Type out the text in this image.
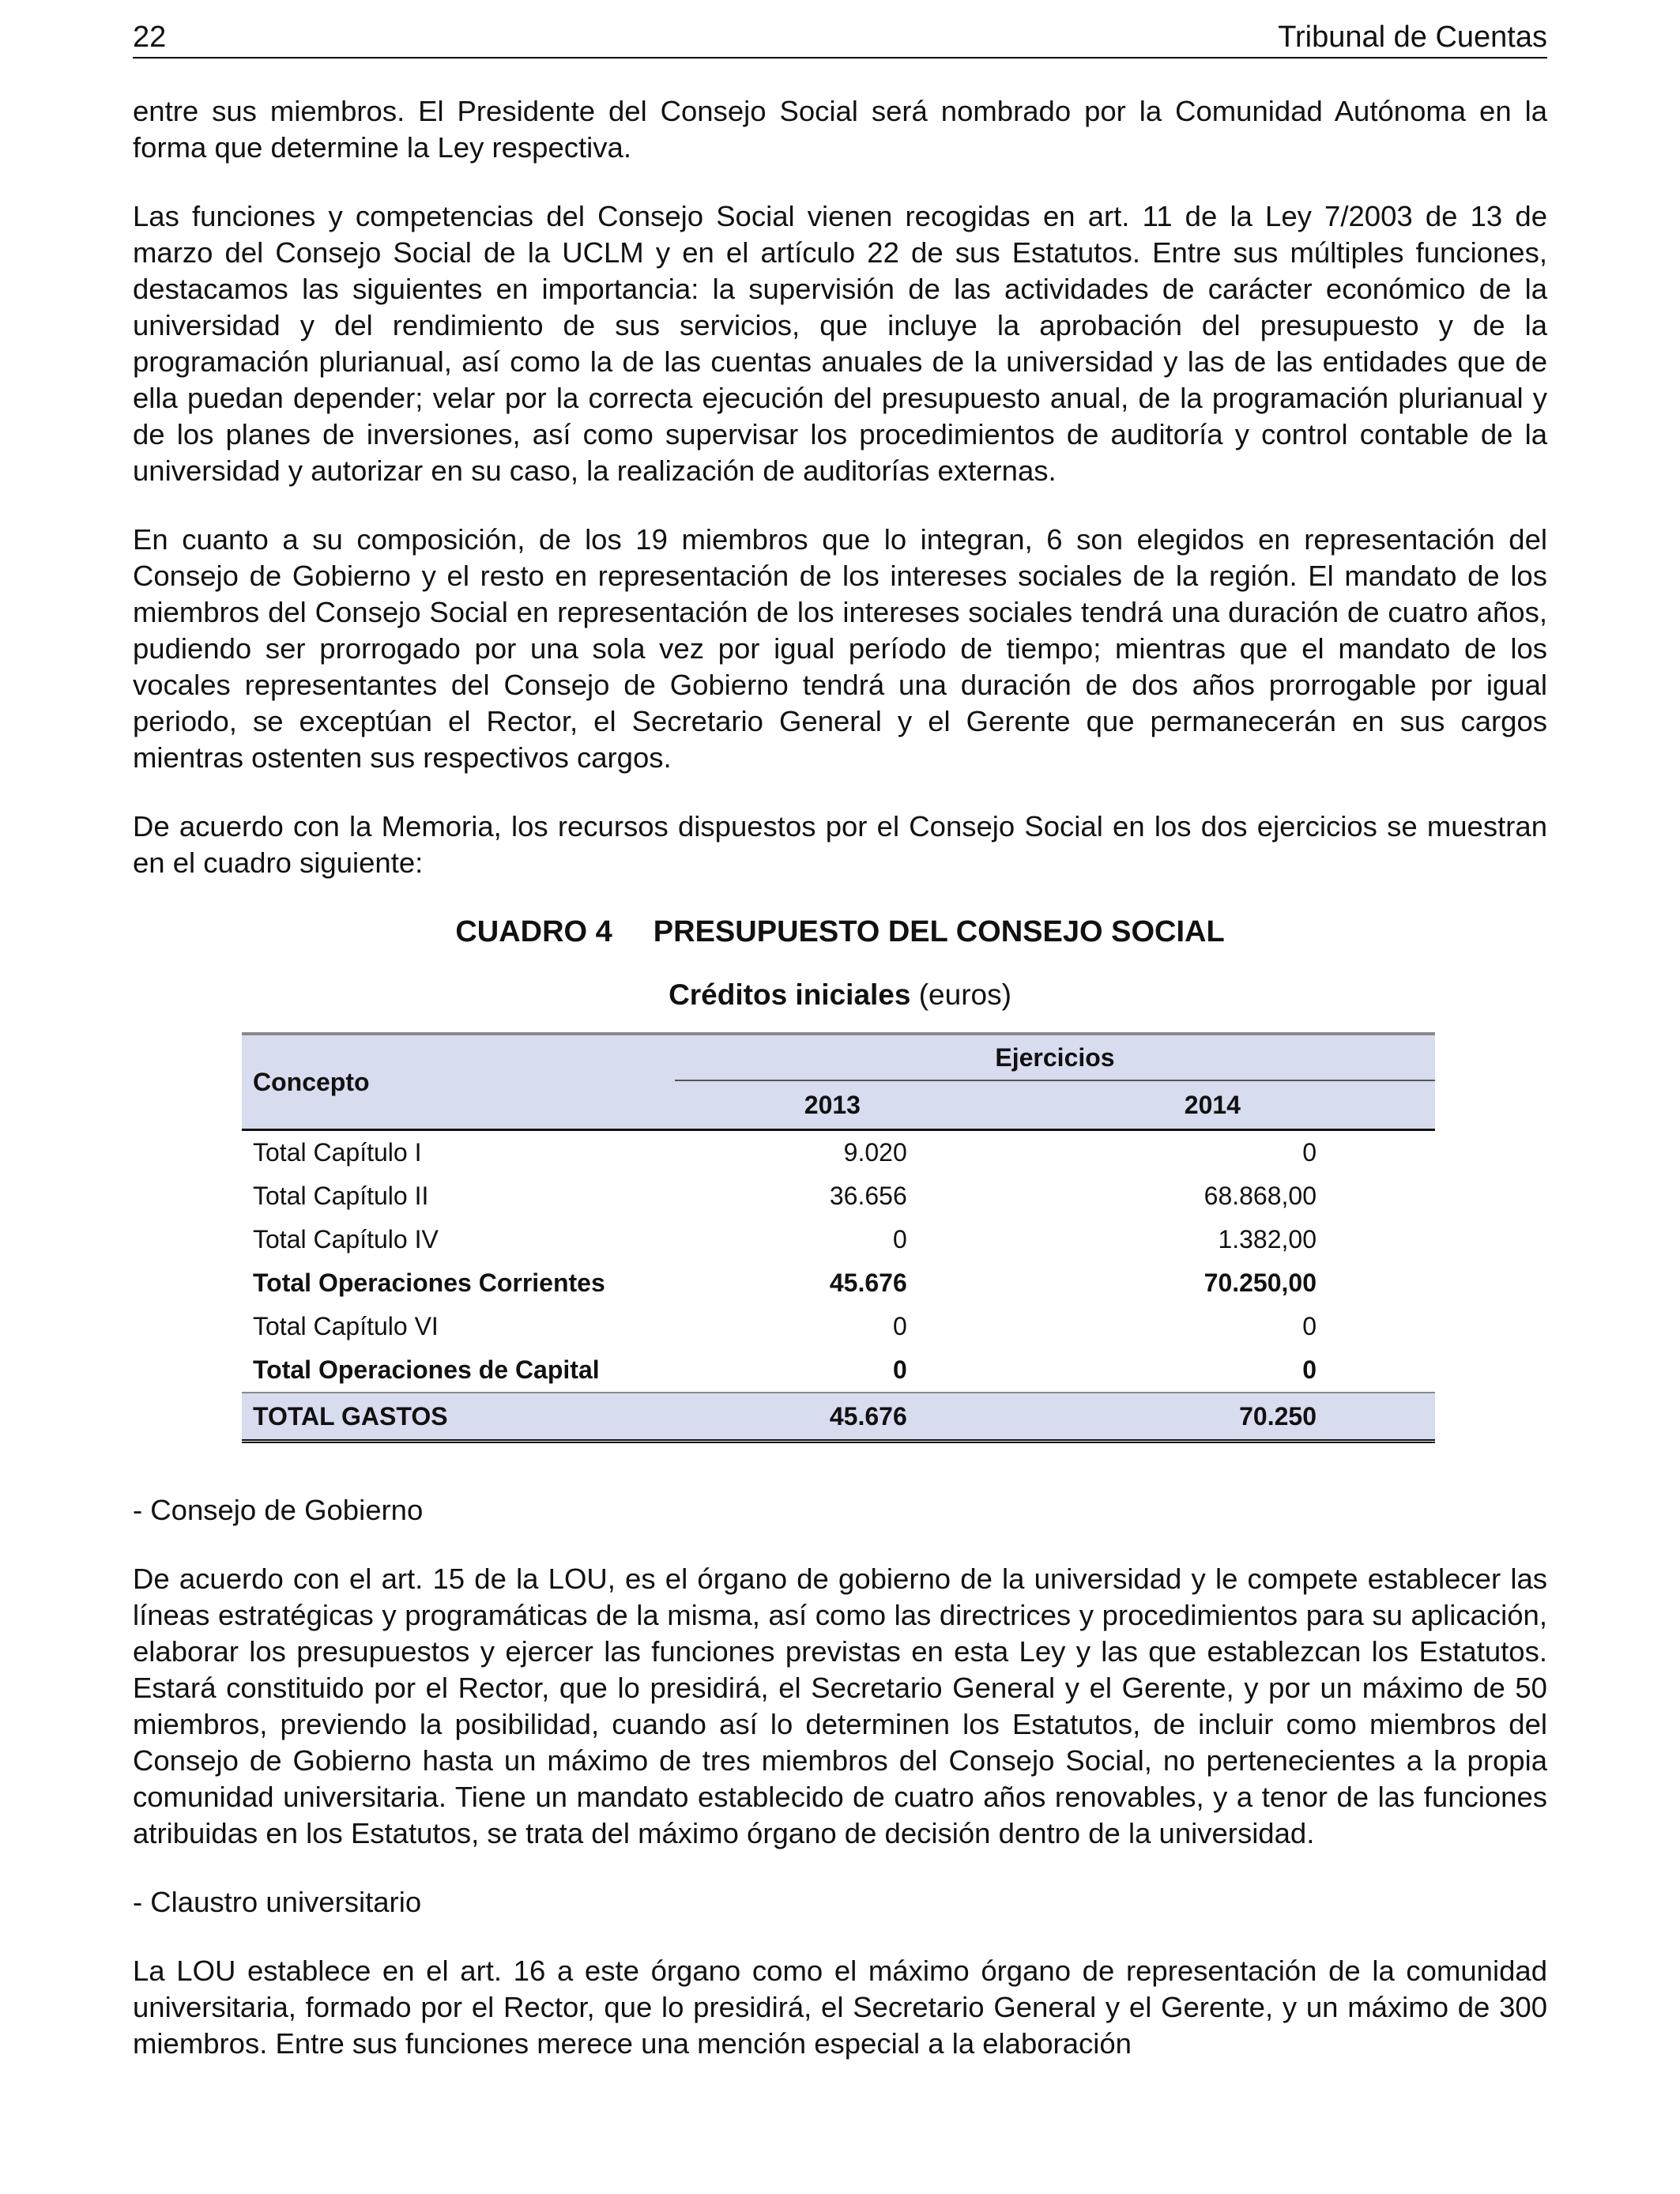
22	Tribunal de Cuentas

entre sus miembros. El Presidente del Consejo Social será nombrado por la Comunidad Autónoma en la forma que determine la Ley respectiva.

Las funciones y competencias del Consejo Social vienen recogidas en art. 11 de la Ley 7/2003 de 13 de marzo del Consejo Social de la UCLM y en el artículo 22 de sus Estatutos. Entre sus múltiples funciones, destacamos las siguientes en importancia: la supervisión de las actividades de carácter económico de la universidad y del rendimiento de sus servicios, que incluye la aprobación del presupuesto y de la programación plurianual, así como la de las cuentas anuales de la universidad y las de las entidades que de ella puedan depender; velar por la correcta ejecución del presupuesto anual, de la programación plurianual y de los planes de inversiones, así como supervisar los procedimientos de auditoría y control contable de la universidad y autorizar en su caso, la realización de auditorías externas.

En cuanto a su composición, de los 19 miembros que lo integran, 6 son elegidos en representación del Consejo de Gobierno y el resto en representación de los intereses sociales de la región. El mandato de los miembros del Consejo Social en representación de los intereses sociales tendrá una duración de cuatro años, pudiendo ser prorrogado por una sola vez por igual período de tiempo; mientras que el mandato de los vocales representantes del Consejo de Gobierno tendrá una duración de dos años prorrogable por igual periodo, se exceptúan el Rector, el Secretario General y el Gerente que permanecerán en sus cargos mientras ostenten sus respectivos cargos.

De acuerdo con la Memoria, los recursos dispuestos por el Consejo Social en los dos ejercicios se muestran en el cuadro siguiente:

CUADRO 4 PRESUPUESTO DEL CONSEJO SOCIAL
Créditos iniciales (euros)
Concepto	Ejercicios	
	2013	2014
Total Capítulo I	9.020	0
Total Capítulo II	36.656	68.868,00
Total Capítulo IV	0	1.382,00
Total Operaciones Corrientes	45.676	70.250,00
Total Capítulo VI	0	0
Total Operaciones de Capital	0	0
TOTAL GASTOS	45.676	70.250

- Consejo de Gobierno

De acuerdo con el art. 15 de la LOU, es el órgano de gobierno de la universidad y le compete establecer las líneas estratégicas y programáticas de la misma, así como las directrices y procedimientos para su aplicación, elaborar los presupuestos y ejercer las funciones previstas en esta Ley y las que establezcan los Estatutos. Estará constituido por el Rector, que lo presidirá, el Secretario General y el Gerente, y por un máximo de 50 miembros, previendo la posibilidad, cuando así lo determinen los Estatutos, de incluir como miembros del Consejo de Gobierno hasta un máximo de tres miembros del Consejo Social, no pertenecientes a la propia comunidad universitaria. Tiene un mandato establecido de cuatro años renovables, y a tenor de las funciones atribuidas en los Estatutos, se trata del máximo órgano de decisión dentro de la universidad.

- Claustro universitario

La LOU establece en el art. 16 a este órgano como el máximo órgano de representación de la comunidad universitaria, formado por el Rector, que lo presidirá, el Secretario General y el Gerente, y un máximo de 300 miembros. Entre sus funciones merece una mención especial a la elaboración
